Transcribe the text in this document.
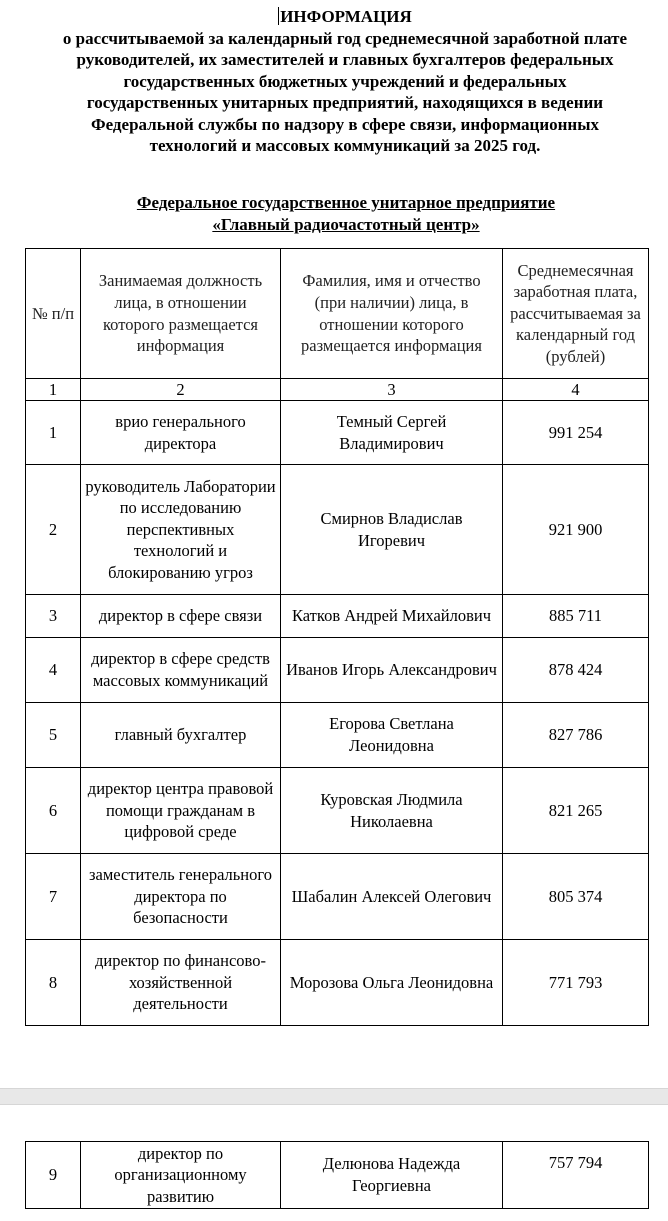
ИНФОРМАЦИЯ
о рассчитываемой за календарный год среднемесячной заработной плате
руководителей, их заместителей и главных бухгалтеров федеральных
государственных бюджетных учреждений и федеральных
государственных унитарных предприятий, находящихся в ведении
Федеральной службы по надзору в сфере связи, информационных
технологий и массовых коммуникаций за 2025 год.
Федеральное государственное унитарное предприятие
«Главный радиочастотный центр»
№ п/п	Занимаемая должность лица, в отношении которого размещается информация	Фамилия, имя и отчество (при наличии) лица, в отношении которого размещается информация	Среднемесячная заработная плата, рассчитываемая за календарный год (рублей)
1	2	3	4
1	врио генерального директора	Темный Сергей Владимирович	991 254
2	руководитель Лаборатории по исследованию перспективных технологий и блокированию угроз	Смирнов Владислав Игоревич	921 900
3	директор в сфере связи	Катков Андрей Михайлович	885 711
4	директор в сфере средств массовых коммуникаций	Иванов Игорь Александрович	878 424
5	главный бухгалтер	Егорова Светлана Леонидовна	827 786
6	директор центра правовой помощи гражданам в цифровой среде	Куровская Людмила Николаевна	821 265
7	заместитель генерального директора по безопасности	Шабалин Алексей Олегович	805 374
8	директор по финансово-хозяйственной деятельности	Морозова Ольга Леонидовна	771 793
9	директор по организационному развитию	Делюнова Надежда Георгиевна	757 794
